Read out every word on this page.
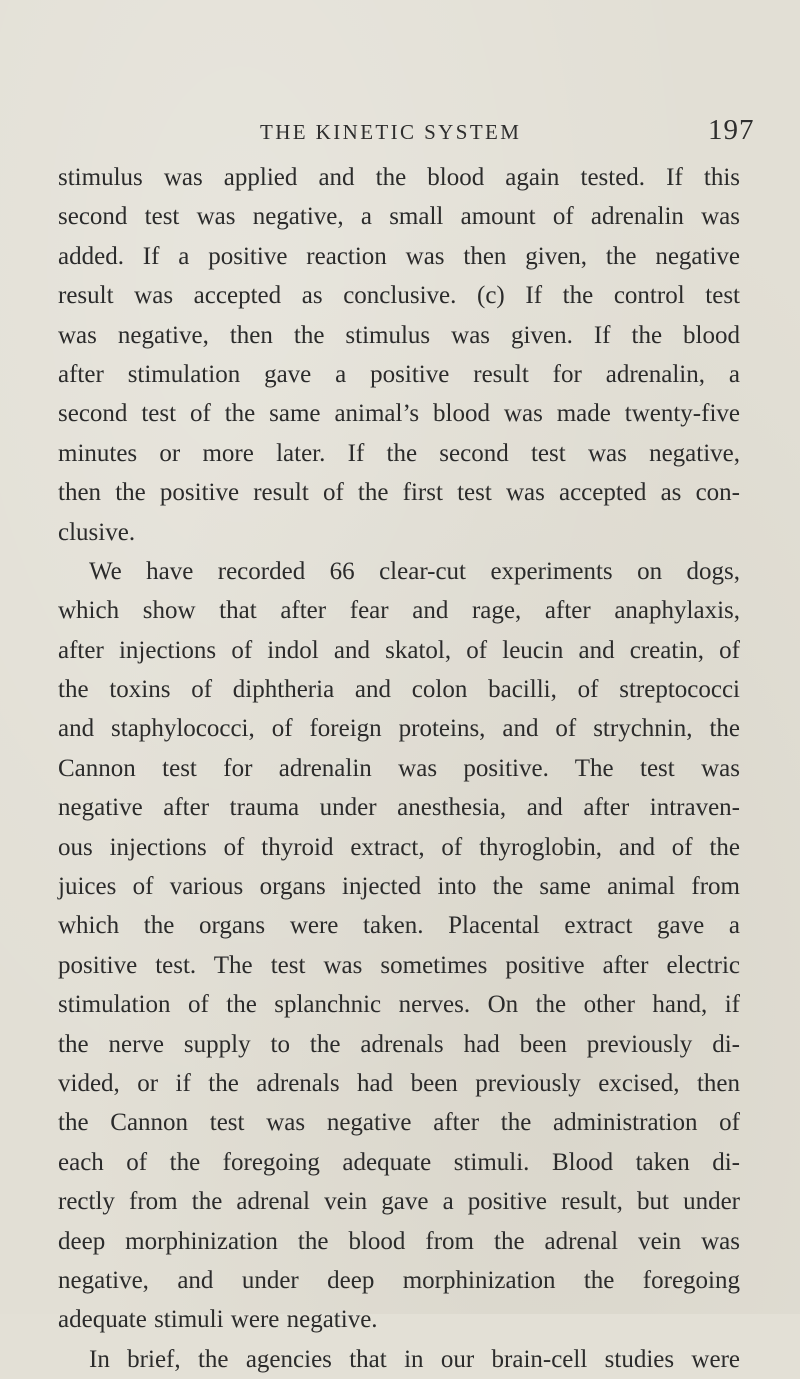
THE KINETIC SYSTEM	197
stimulus was applied and the blood again tested. If this
second test was negative, a small amount of adrenalin was
added. If a positive reaction was then given, the negative
result was accepted as conclusive. (c) If the control test
was negative, then the stimulus was given. If the blood
after stimulation gave a positive result for adrenalin, a
second test of the same animal’s blood was made twenty-five
minutes or more later. If the second test was negative,
then the positive result of the first test was accepted as con-
clusive.
We have recorded 66 clear-cut experiments on dogs,
which show that after fear and rage, after anaphylaxis,
after injections of indol and skatol, of leucin and creatin, of
the toxins of diphtheria and colon bacilli, of streptococci
and staphylococci, of foreign proteins, and of strychnin, the
Cannon test for adrenalin was positive. The test was
negative after trauma under anesthesia, and after intraven-
ous injections of thyroid extract, of thyroglobin, and of the
juices of various organs injected into the same animal from
which the organs were taken. Placental extract gave a
positive test. The test was sometimes positive after electric
stimulation of the splanchnic nerves. On the other hand, if
the nerve supply to the adrenals had been previously di-
vided, or if the adrenals had been previously excised, then
the Cannon test was negative after the administration of
each of the foregoing adequate stimuli. Blood taken di-
rectly from the adrenal vein gave a positive result, but under
deep morphinization the blood from the adrenal vein was
negative, and under deep morphinization the foregoing
adequate stimuli were negative.
In brief, the agencies that in our brain-cell studies were
